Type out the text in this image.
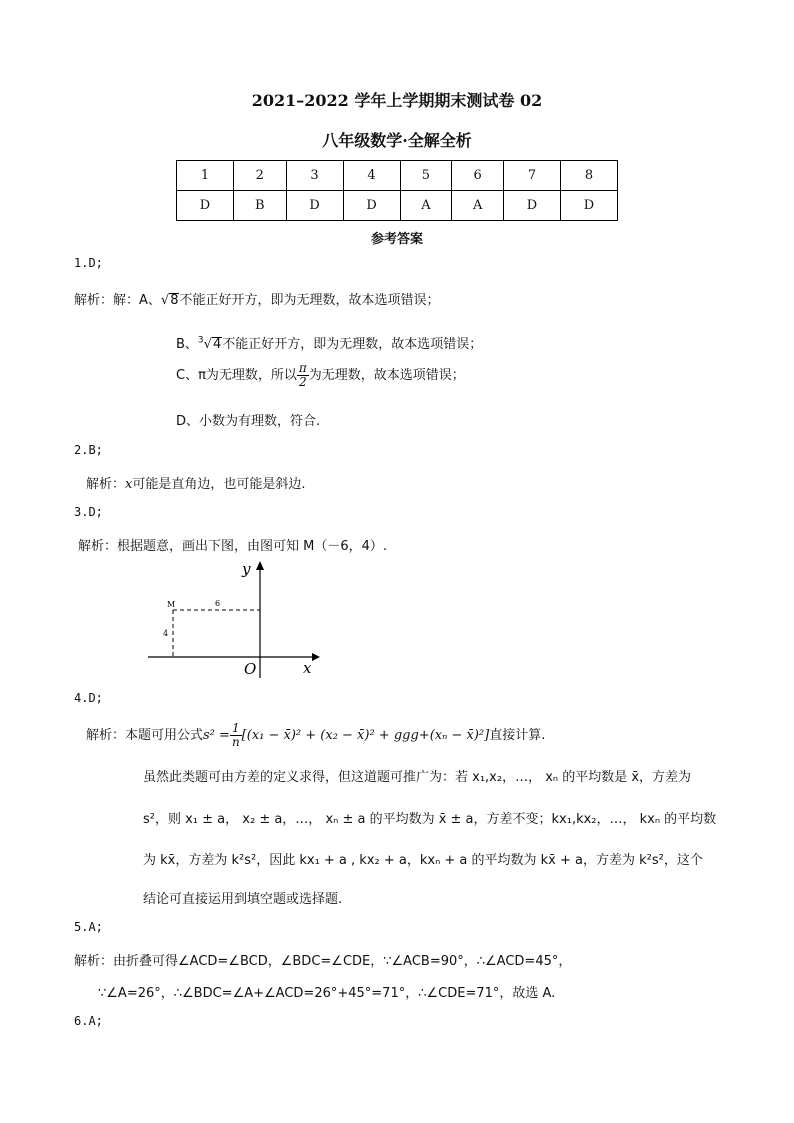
2021–2022 学年上学期期末测试卷 02
八年级数学·全解全析
1	2	3	4	5	6	7	8
D	B	D	D	A	A	D	D
参考答案
1.D;
解析：解：A、√8不能正好开方，即为无理数，故本选项错误；
B、$^3$√4不能正好开方，即为无理数，故本选项错误；
C、π为无理数，所以 $\frac{\pi}{2}$ 为无理数，故本选项错误；
D、小数为有理数，符合.
2.B;
解析：x可能是直角边，也可能是斜边.
3.D;
解析：根据题意，画出下图，由图可知 M（－6，4）.
M	6
4
O	x
y
4.D;
解析：本题可用公式$s^2 = \frac{1}{n} [(x_1$ − x̄)² + (x₂ − x̄)² + ggg+(xₙ − x̄)²]直接计算.
虽然此类题可由方差的定义求得，但这道题可推广为：若 x₁,x₂，…， xₙ 的平均数是 x̄，方差为
s²，则 x₁ ± a， x₂ ± a，…， xₙ ± a 的平均数为 x̄ ± a，方差不变；kx₁,kx₂，…， kxₙ 的平均数
为 kx̄，方差为 k²s²，因此 kx₁ + a , kx₂ + a，kxₙ + a 的平均数为 kx̄ + a，方差为 k²s²，这个
结论可直接运用到填空题或选择题.
5.A;
解析：由折叠可得∠ACD=∠BCD，∠BDC=∠CDE，∵∠ACB=90°，∴∠ACD=45°，
∵∠A=26°，∴∠BDC=∠A+∠ACD=26°+45°=71°，∴∠CDE=71°，故选 A.
6.A;
